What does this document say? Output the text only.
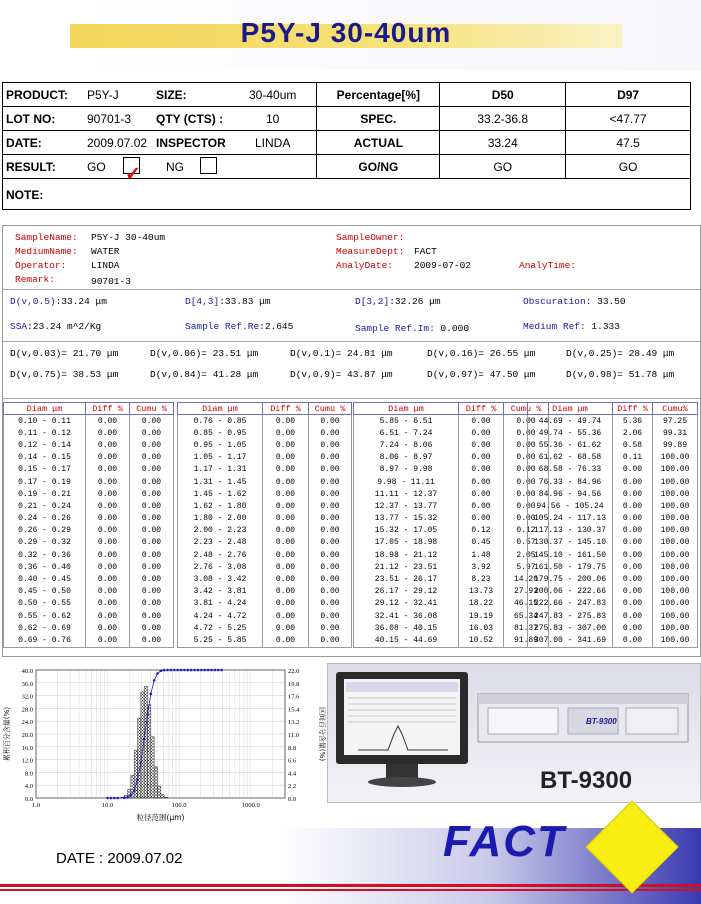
P5Y-J 30-40um
PRODUCT: P5Y-J SIZE: 30-40um	Percentage[%]	D50	D97

LOT NO: 90701-3 QTY (CTS) : 10	SPEC.	33.2-36.8	<47.77

DATE: 2009.07.02 INSPECTOR LINDA	ACTUAL	33.24	47.5

RESULT: GO ✓ NG	GO/NG	GO	GO

NOTE:			
SampleName: P5Y-J 30-40um
MediumName: WATER
Operator:	LINDA
Remark:	90701-3
SampleOwner:
MeasureDept: FACT
AnalyDate: 2009-07-02	AnalyTime:
D(v,0.5):33.24 μm	D[4,3]:33.83 μm	D[3,2]:32.26 μm	Obscuration: 33.50
SSA:23.24 m^2/Kg	Sample Ref.Re:2.645	Sample Ref.Im: 0.000	Medium Ref: 1.333
D(v,0.03)= 21.70 μm	D(v,0.06)= 23.51 μm	D(v,0.1)= 24.81 μm	D(v,0.16)= 26.55 μm	D(v,0.25)= 28.49 μm
D(v,0.75)= 38.53 μm	D(v,0.84)= 41.28 μm	D(v,0.9)= 43.87 μm	D(v,0.97)= 47.50 μm	D(v,0.98)= 51.78 μm
Diam μm	Diff %	Cumu %
0.10 - 0.11	0.00	0.00
0.11 - 0.12	0.00	0.00
0.12 - 0.14	0.00	0.00
0.14 - 0.15	0.00	0.00
0.15 - 0.17	0.00	0.00
0.17 - 0.19	0.00	0.00
0.19 - 0.21	0.00	0.00
0.21 - 0.24	0.00	0.00
0.24 - 0.26	0.00	0.00
0.26 - 0.29	0.00	0.00
0.29 - 0.32	0.00	0.00
0.32 - 0.36	0.00	0.00
0.36 - 0.40	0.00	0.00
0.40 - 0.45	0.00	0.00
0.45 - 0.50	0.00	0.00
0.50 - 0.55	0.00	0.00
0.55 - 0.62	0.00	0.00
0.62 - 0.69	0.00	0.00
0.69 - 0.76	0.00	0.00
Diam μm	Diff %	Cumu %
0.76 - 0.85	0.00	0.00
0.85 - 0.95	0.00	0.00
0.95 - 1.05	0.00	0.00
1.05 - 1.17	0.00	0.00
1.17 - 1.31	0.00	0.00
1.31 - 1.45	0.00	0.00
1.45 - 1.62	0.00	0.00
1.62 - 1.80	0.00	0.00
1.80 - 2.00	0.00	0.00
2.00 - 2.23	0.00	0.00
2.23 - 2.48	0.00	0.00
2.48 - 2.76	0.00	0.00
2.76 - 3.08	0.00	0.00
3.08 - 3.42	0.00	0.00
3.42 - 3.81	0.00	0.00
3.81 - 4.24	0.00	0.00
4.24 - 4.72	0.00	0.00
4.72 - 5.25	0.00	0.00
5.25 - 5.85	0.00	0.00
Diam μm	Diff %	Cumu %
5.85 - 6.51	0.00	0.00
6.51 - 7.24	0.00	0.00
7.24 - 8.06	0.00	0.00
8.06 - 8.97	0.00	0.00
8.97 - 9.98	0.00	0.00
9.98 - 11.11	0.00	0.00
11.11 - 12.37	0.00	0.00
12.37 - 13.77	0.00	0.00
13.77 - 15.32	0.00	0.00
15.32 - 17.05	0.12	0.12
17.05 - 18.98	0.45	0.57
18.98 - 21.12	1.48	2.05
21.12 - 23.51	3.92	5.97
23.51 - 26.17	8.23	14.20
26.17 - 29.12	13.73	27.93
29.12 - 32.41	18.22	46.15
32.41 - 36.08	19.19	65.34
36.08 - 40.15	16.03	81.37
40.15 - 44.69	10.52	91.89
Diam μm	Diff %	Cumu%
44.69 - 49.74	5.36	97.25
49.74 - 55.36	2.06	99.31
55.36 - 61.62	0.58	99.89
61.62 - 68.58	0.11	100.00
68.58 - 76.33	0.00	100.00
76.33 - 84.96	0.00	100.00
84.96 - 94.56	0.00	100.00
94.56 - 105.24	0.00	100.00
105.24 - 117.13	0.00	100.00
117.13 - 130.37	0.00	100.00
130.37 - 145.10	0.00	100.00
145.10 - 161.50	0.00	100.00
161.50 - 179.75	0.00	100.00
179.75 - 200.06	0.00	100.00
200.06 - 222.66	0.00	100.00
222.66 - 247.83	0.00	100.00
247.83 - 275.83	0.00	100.00
275.83 - 307.00	0.00	100.00
307.00 - 341.69	0.00	100.00
40.0
36.0
32.0
28.0
24.0
20.0
16.0
12.0
8.0
4.0
0.0
22.0
19.8
17.6
15.4
13.2
11.0
8.8
6.6
4.4
2.2
0.0
1.0	10.0	100.0	1000.0
粒径范围(μm)
累积百分含量(%)	区间百分含量(%)	BT-9300
BT-9300
DATE : 2009.07.02	FACT
